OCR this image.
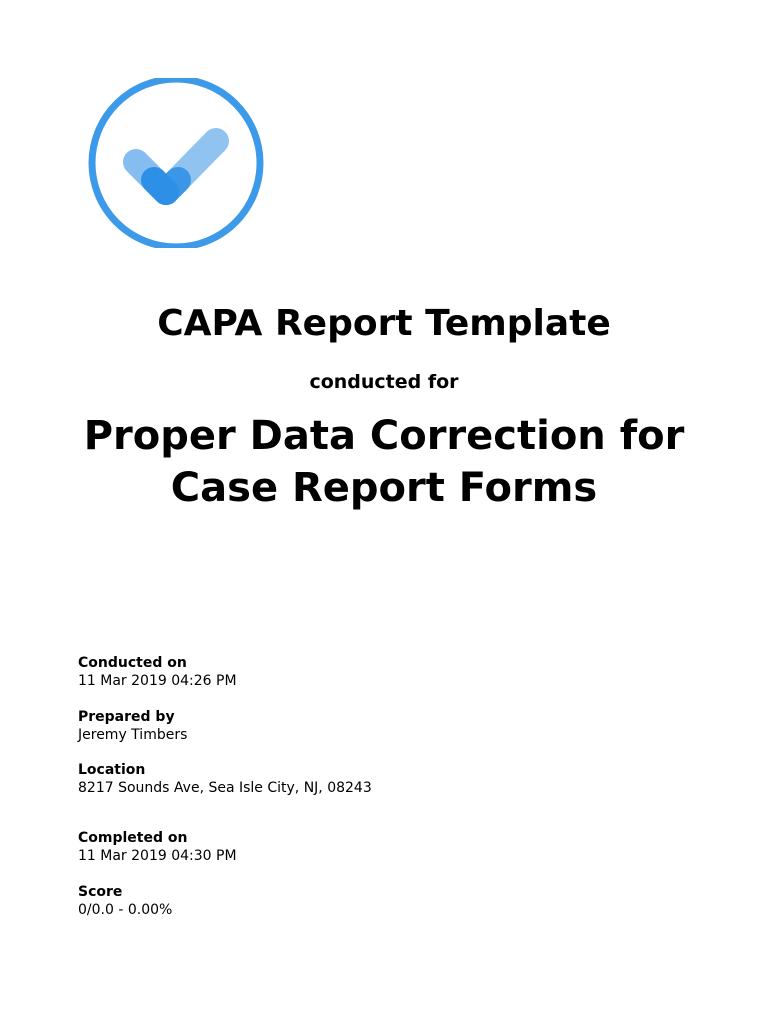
CAPA Report Template
conducted for
Proper Data Correction for
Case Report Forms
Conducted on
11 Mar 2019 04:26 PM
Prepared by
Jeremy Timbers
Location
8217 Sounds Ave, Sea Isle City, NJ, 08243
Completed on
11 Mar 2019 04:30 PM
Score
0/0.0 - 0.00%
